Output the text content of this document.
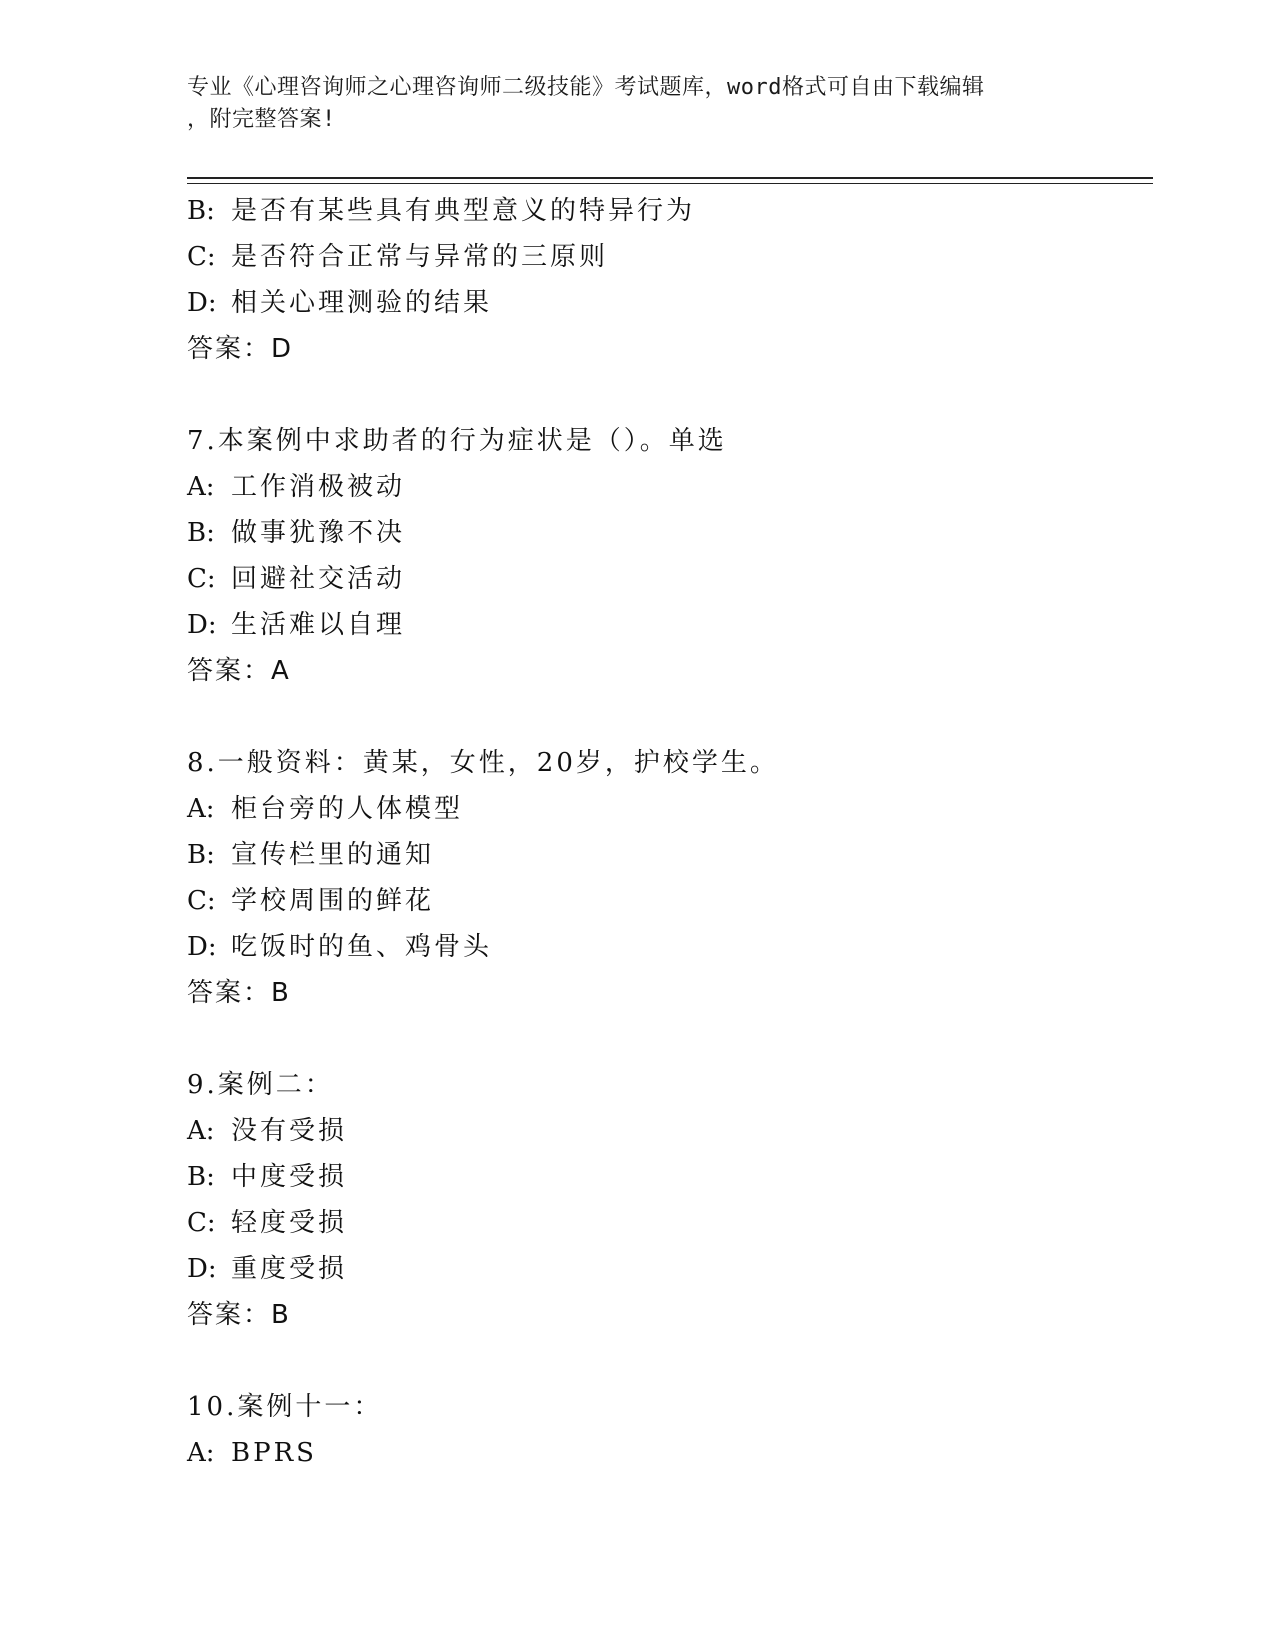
专业《心理咨询师之心理咨询师二级技能》考试题库，word格式可自由下载编辑
，附完整答案!
B: 是否有某些具有典型意义的特异行为
C: 是否符合正常与异常的三原则
D: 相关心理测验的结果
答案：D
7.本案例中求助者的行为症状是（）。单选
A: 工作消极被动
B: 做事犹豫不决
C: 回避社交活动
D: 生活难以自理
答案：A
8.一般资料：黄某，女性，20岁，护校学生。
A: 柜台旁的人体模型
B: 宣传栏里的通知
C: 学校周围的鲜花
D: 吃饭时的鱼、鸡骨头
答案：B
9.案例二：
A: 没有受损
B: 中度受损
C: 轻度受损
D: 重度受损
答案：B
10.案例十一：
A: BPRS
